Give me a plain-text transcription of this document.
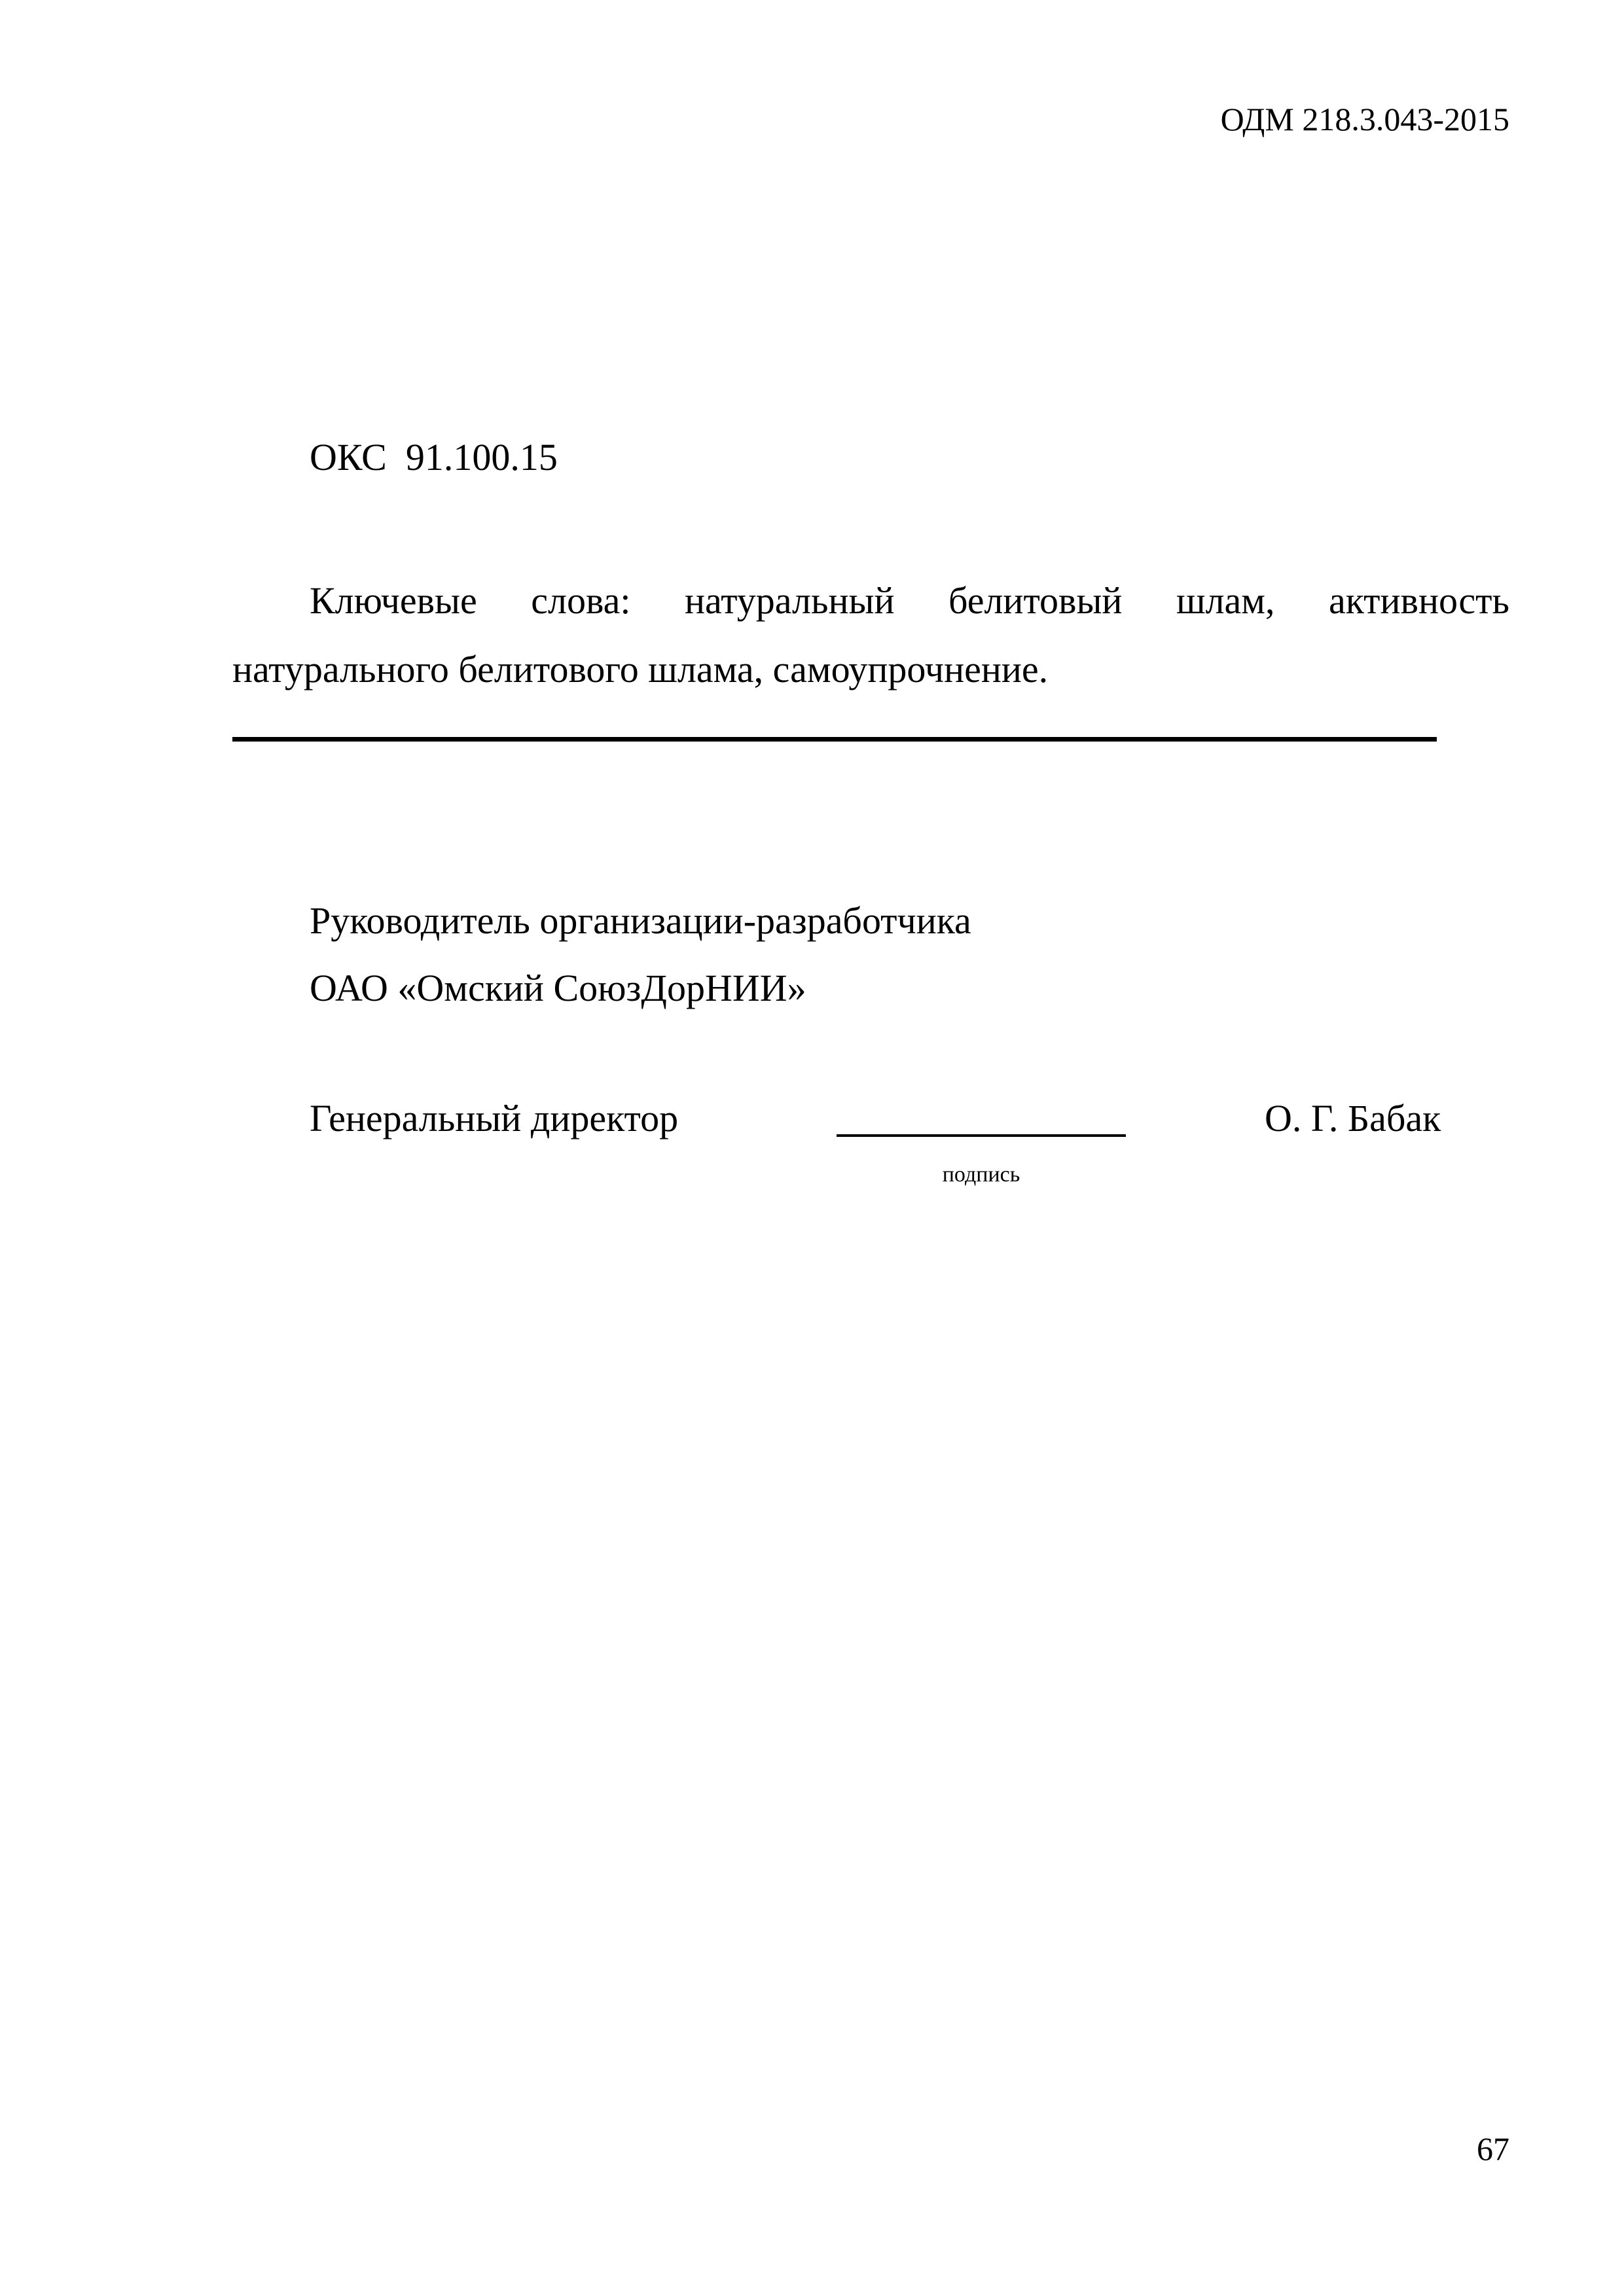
ОДМ 218.3.043-2015
ОКС  91.100.15
Ключевые слова: натуральный белитовый шлам, активность
натурального белитового шлама, самоупрочнение.
Руководитель организации-разработчика
ОАО «Омский СоюзДорНИИ»
Генеральный директор
подпись
О. Г. Бабак
67
